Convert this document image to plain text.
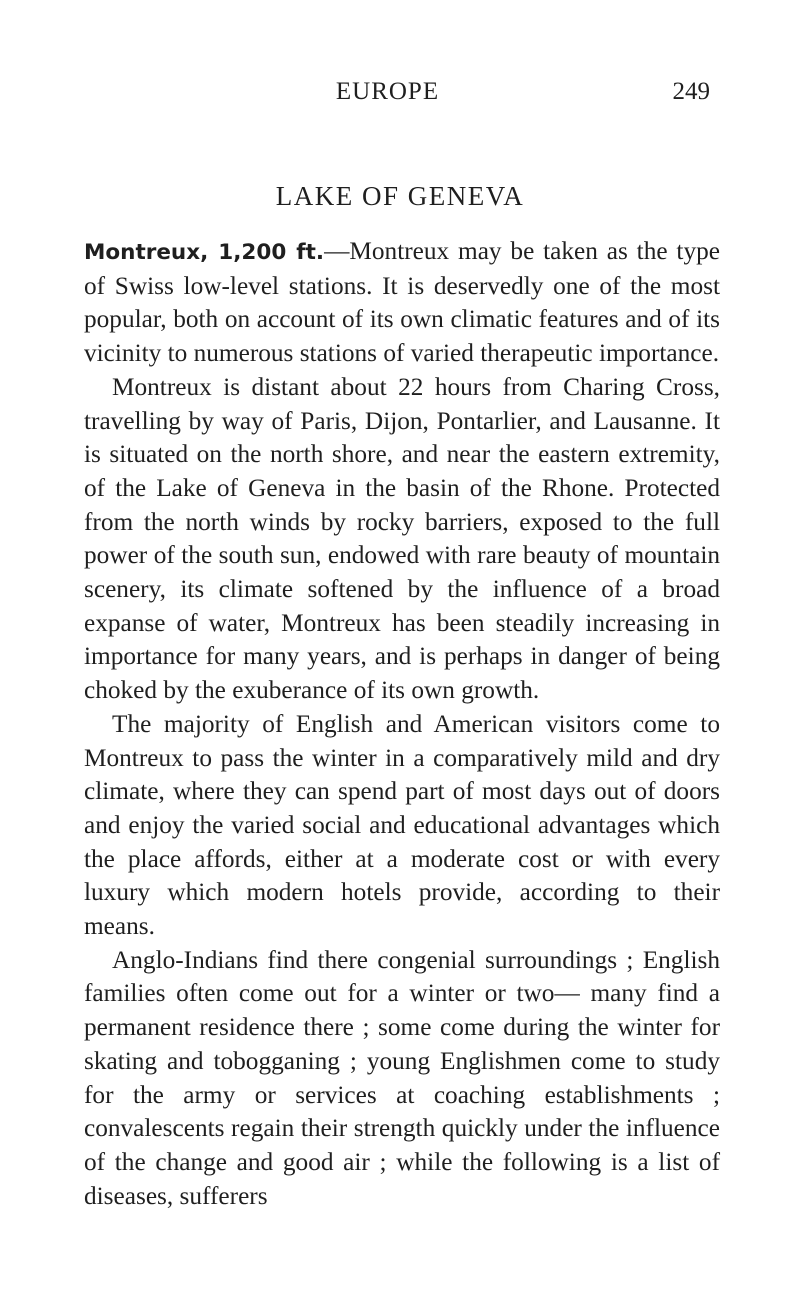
EUROPE	249
LAKE OF GENEVA

Montreux, 1,200 ft.—Montreux may be taken as the type of Swiss low-level stations. It is deservedly one of the most popular, both on account of its own climatic features and of its vicinity to numerous stations of varied therapeutic importance.

Montreux is distant about 22 hours from Charing Cross, travelling by way of Paris, Dijon, Pontarlier, and Lausanne. It is situated on the north shore, and near the eastern extremity, of the Lake of Geneva in the basin of the Rhone. Protected from the north winds by rocky barriers, exposed to the full power of the south sun, endowed with rare beauty of mountain scenery, its climate softened by the influence of a broad expanse of water, Montreux has been steadily increasing in importance for many years, and is perhaps in danger of being choked by the exuberance of its own growth.

The majority of English and American visitors come to Montreux to pass the winter in a comparatively mild and dry climate, where they can spend part of most days out of doors and enjoy the varied social and educational advantages which the place affords, either at a moderate cost or with every luxury which modern hotels provide, according to their means.

Anglo-Indians find there congenial surroundings ; English families often come out for a winter or two— many find a permanent residence there ; some come during the winter for skating and tobogganing ; young Englishmen come to study for the army or services at coaching establishments ; convalescents regain their strength quickly under the influence of the change and good air ; while the following is a list of diseases, sufferers
